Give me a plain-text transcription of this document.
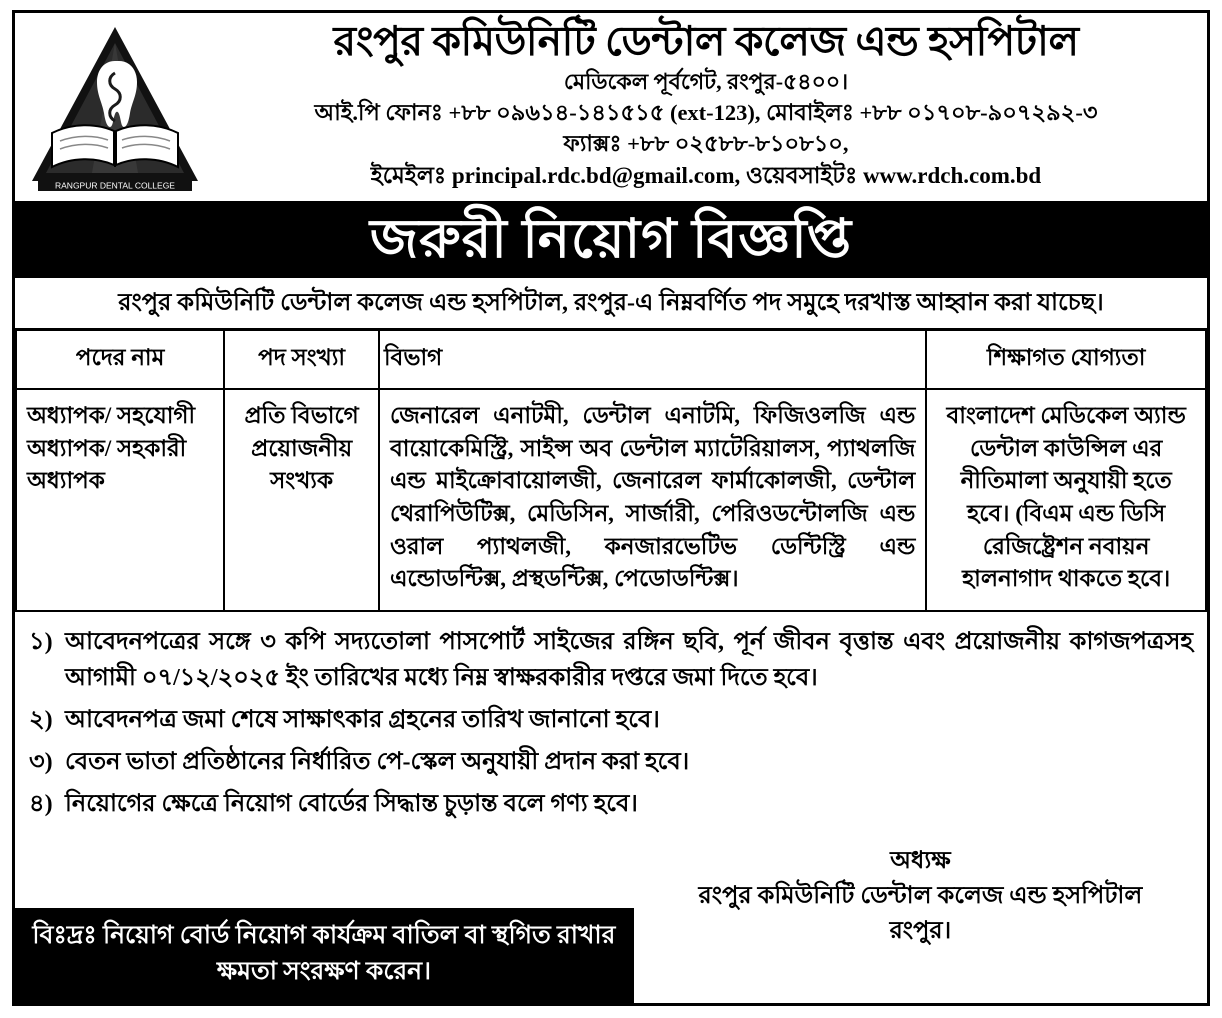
RANGPUR DENTAL COLLEGE
রংপুর কমিউনিটি ডেন্টাল কলেজ এন্ড হসপিটাল
মেডিকেল পূর্বগেট, রংপুর-৫৪০০।
আই.পি ফোনঃ +৮৮ ০৯৬১৪-১৪১৫১৫ (ext-123), মোবাইলঃ +৮৮ ০১৭০৮-৯০৭২৯২-৩
ফ্যাক্সঃ +৮৮ ০২৫৮৮-৮১০৮১০,
ইমেইলঃ principal.rdc.bd@gmail.com, ওয়েবসাইটঃ www.rdch.com.bd
জরুরী নিয়োগ বিজ্ঞপ্তি
রংপুর কমিউনিটি ডেন্টাল কলেজ এন্ড হসপিটাল, রংপুর-এ নিম্নবর্ণিত পদ সমুহে দরখাস্ত আহ্বান করা যাচেছ।
পদের নাম	পদ সংখ্যা	বিভাগ	শিক্ষাগত যোগ্যতা
অধ্যাপক/ সহযোগী অধ্যাপক/ সহকারী অধ্যাপক	প্রতি বিভাগে প্রয়োজনীয় সংখ্যক	জেনারেল এনাটমী, ডেন্টাল এনাটমি, ফিজিওলজি এন্ড বায়োকেমিস্ট্রি, সাইন্স অব ডেন্টাল ম্যাটেরিয়ালস, প্যাথলজি এন্ড মাইক্রোবায়োলজী, জেনারেল ফার্মাকোলজী, ডেন্টাল থেরাপিউটিক্স, মেডিসিন, সার্জারী, পেরিওডন্টোলজি এন্ড ওরাল প্যাথলজী, কনজারভেটিভ ডেন্টিস্ট্রি এন্ড এন্ডোডন্টিক্স, প্রস্থডন্টিক্স, পেডোডন্টিক্স।	বাংলাদেশ মেডিকেল অ্যান্ড ডেন্টাল কাউন্সিল এর নীতিমালা অনুযায়ী হতে হবে। (বিএম এন্ড ডিসি রেজিষ্ট্রেশন নবায়ন হালনাগাদ থাকতে হবে।
১) আবেদনপত্রের সঙ্গে ৩ কপি সদ্যতোলা পাসপোর্ট সাইজের রঙ্গিন ছবি, পূর্ন জীবন বৃত্তান্ত এবং প্রয়োজনীয় কাগজপত্রসহ আগামী ০৭/১২/২০২৫ ইং তারিখের মধ্যে নিম্ন স্বাক্ষরকারীর দপ্তরে জমা দিতে হবে।
২) আবেদনপত্র জমা শেষে সাক্ষাৎকার গ্রহনের তারিখ জানানো হবে।
৩) বেতন ভাতা প্রতিষ্ঠানের নির্ধারিত পে-স্কেল অনুযায়ী প্রদান করা হবে।
৪) নিয়োগের ক্ষেত্রে নিয়োগ বোর্ডের সিদ্ধান্ত চুড়ান্ত বলে গণ্য হবে।
বিঃদ্রঃ নিয়োগ বোর্ড নিয়োগ কার্যক্রম বাতিল বা স্থগিত রাখার ক্ষমতা সংরক্ষণ করেন।
অধ্যক্ষ
রংপুর কমিউনিটি ডেন্টাল কলেজ এন্ড হসপিটাল
রংপুর।
